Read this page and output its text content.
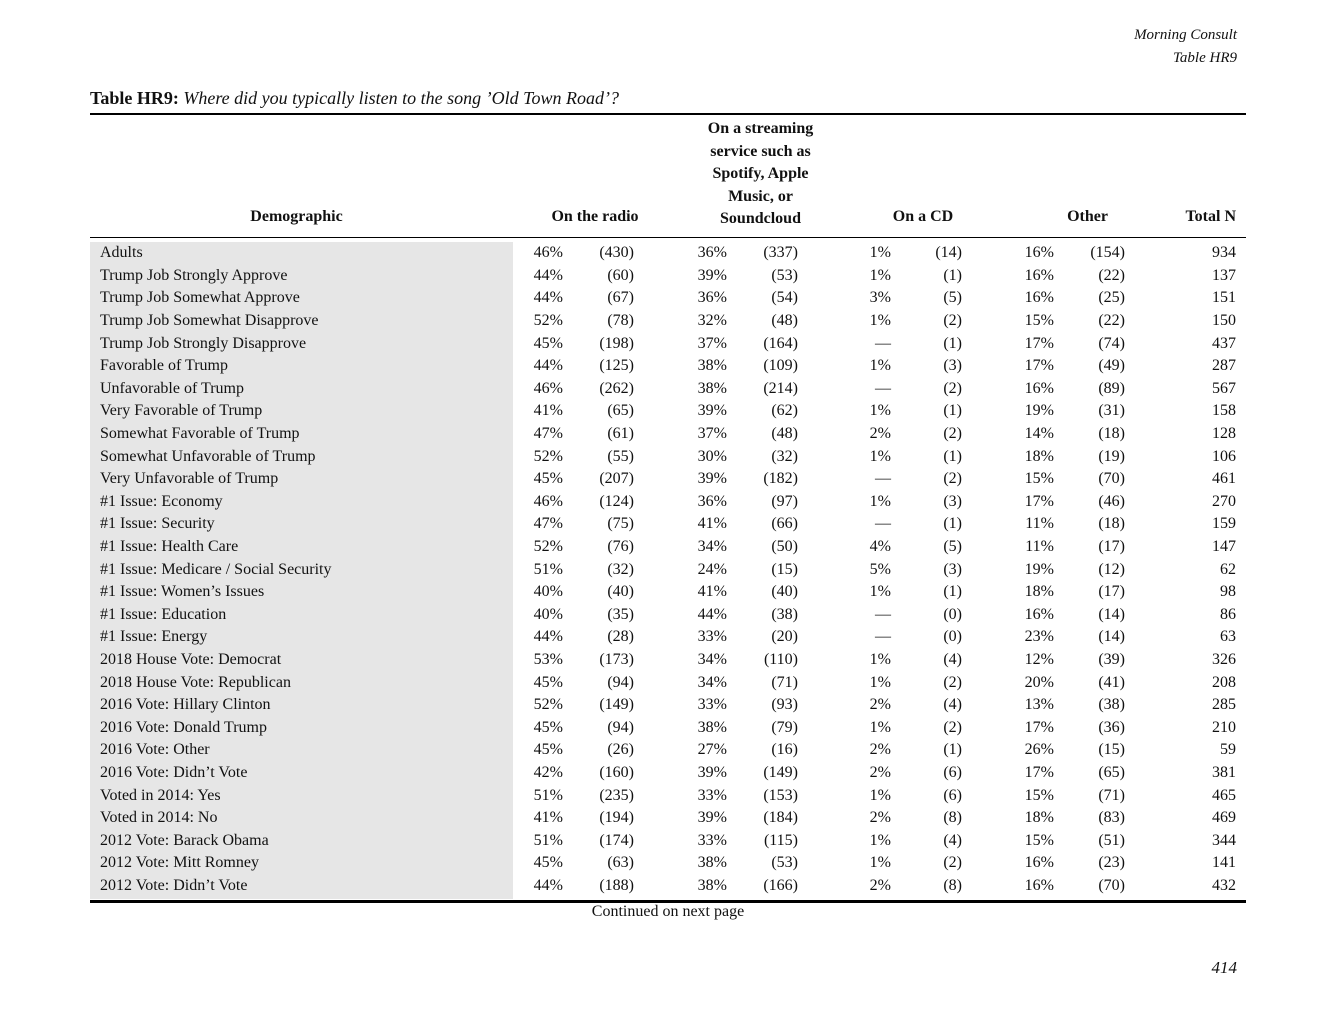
Morning Consult
Table HR9
Table HR9: Where did you typically listen to the song ’Old Town Road’?
Demographic	On the radio
On a streaming
service such as
Spotify, Apple
Music, or
Soundcloud	On a CD	Other	Total N
Adults	46%	(430)	36%	(337)	1%	(14)	16%	(154)	934
Trump Job Strongly Approve	44%	(60)	39%	(53)	1%	(1)	16%	(22)	137
Trump Job Somewhat Approve	44%	(67)	36%	(54)	3%	(5)	16%	(25)	151
Trump Job Somewhat Disapprove	52%	(78)	32%	(48)	1%	(2)	15%	(22)	150
Trump Job Strongly Disapprove	45%	(198)	37%	(164)	—	(1)	17%	(74)	437
Favorable of Trump	44%	(125)	38%	(109)	1%	(3)	17%	(49)	287
Unfavorable of Trump	46%	(262)	38%	(214)	—	(2)	16%	(89)	567
Very Favorable of Trump	41%	(65)	39%	(62)	1%	(1)	19%	(31)	158
Somewhat Favorable of Trump	47%	(61)	37%	(48)	2%	(2)	14%	(18)	128
Somewhat Unfavorable of Trump	52%	(55)	30%	(32)	1%	(1)	18%	(19)	106
Very Unfavorable of Trump	45%	(207)	39%	(182)	—	(2)	15%	(70)	461
#1 Issue: Economy	46%	(124)	36%	(97)	1%	(3)	17%	(46)	270
#1 Issue: Security	47%	(75)	41%	(66)	—	(1)	11%	(18)	159
#1 Issue: Health Care	52%	(76)	34%	(50)	4%	(5)	11%	(17)	147
#1 Issue: Medicare / Social Security	51%	(32)	24%	(15)	5%	(3)	19%	(12)	62
#1 Issue: Women’s Issues	40%	(40)	41%	(40)	1%	(1)	18%	(17)	98
#1 Issue: Education	40%	(35)	44%	(38)	—	(0)	16%	(14)	86
#1 Issue: Energy	44%	(28)	33%	(20)	—	(0)	23%	(14)	63
2018 House Vote: Democrat	53%	(173)	34%	(110)	1%	(4)	12%	(39)	326
2018 House Vote: Republican	45%	(94)	34%	(71)	1%	(2)	20%	(41)	208
2016 Vote: Hillary Clinton	52%	(149)	33%	(93)	2%	(4)	13%	(38)	285
2016 Vote: Donald Trump	45%	(94)	38%	(79)	1%	(2)	17%	(36)	210
2016 Vote: Other	45%	(26)	27%	(16)	2%	(1)	26%	(15)	59
2016 Vote: Didn’t Vote	42%	(160)	39%	(149)	2%	(6)	17%	(65)	381
Voted in 2014: Yes	51%	(235)	33%	(153)	1%	(6)	15%	(71)	465
Voted in 2014: No	41%	(194)	39%	(184)	2%	(8)	18%	(83)	469
2012 Vote: Barack Obama	51%	(174)	33%	(115)	1%	(4)	15%	(51)	344
2012 Vote: Mitt Romney	45%	(63)	38%	(53)	1%	(2)	16%	(23)	141
2012 Vote: Didn’t Vote	44%	(188)	38%	(166)	2%	(8)	16%	(70)	432
Continued on next page
414
